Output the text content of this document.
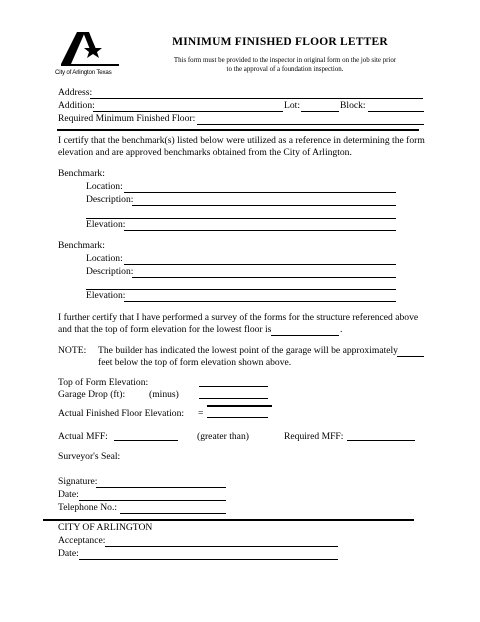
City of Arlington Texas
MINIMUM FINISHED FLOOR LETTER
This form must be provided to the inspector in original form on the job site prior
to the approval of a foundation inspection.
Address:
Addition:	Lot:	Block:
Required Minimum Finished Floor:
I certify that the benchmark(s) listed below were utilized as a reference in determining the form
elevation and are approved benchmarks obtained from the City of Arlington.
Benchmark:
Location:
Description:
Elevation:
Benchmark:
Location:
Description:
Elevation:
I further certify that I have performed a survey of the forms for the structure referenced above
and that the top of form elevation for the lowest floor is	.
NOTE: The builder has indicated the lowest point of the garage will be approximately
feet below the top of form elevation shown above.
Top of Form Elevation:
Garage Drop (ft): (minus)
Actual Finished Floor Elevation: =
Actual MFF:	(greater than)	Required MFF:
Surveyor's Seal:
Signature:
Date:
Telephone No.:
CITY OF ARLINGTON
Acceptance:
Date:
